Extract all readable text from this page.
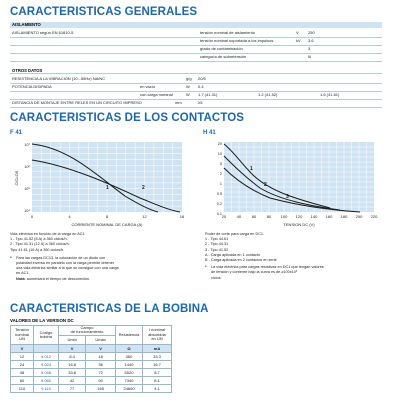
CARACTERISTICAS GENERALES
AISLAMIENTO
AISLAMIENTO según EN 61810-5	tensión nominal de aislamiento	V 250
tensión nominal soportada a los impulsos	kV 3.6
grado de contaminación	3
categoría de sobretensión	III
OTROS DATOS
RESISTENCIA A LA VIBRACION (10...55Hz) NA/NC	g/g 20/5
POTENCIA DISIPADA	en vacío	W 0.4
con carga nominal	W 1.7 (41.31)	1.2 (41.52)	1.6 (41.61)
DISTANCIA DE MONTAJE ENTRE RELES EN UN CIRCUITO IMPRESO	mm	≥5
CARACTERISTICAS DE LOS CONTACTOS
F 41	H 41
1	2
10⁷
10⁶
10⁵
10⁴
0	4	8	12	16
CICLOS
CORRIENTE NOMINAL DE CARGA (A)
1
2
3
20
10
5
2
1
0.5
0.2
0.1 20	40	60	80 100 120 140 160 180 200 220
TENSION DC (V)
Vida eléctrica en función de la carga en AC1.
1 - Tipo 41.52 (8 A) a 360 ciclos/h.
2 - Tipo 41.31 (12 A) a 360 ciclos/h.
Tipo 41.61 (16 A) a 360 ciclos/h.
• Para las cargas DC13, la colocación de un diodo con
polaridad inversa en paralelo con la carga permite obtener
una vida eléctrica similar a la que se consigue con una carga
en AC1.
Nota: aumentará el tiempo de desconexión.
Poder de corte para carga en DC1.
1 - Tipo 44.61
2 - Tipo 44.31
3 - Tipo 41.52
A - Carga aplicada en 1 contacto
B - Carga aplicada en 2 contactos en serie
• La vida eléctrica para cargas resistivas en DC1 que tengan valores
de tensión y corriente bajo la curva es de ≥100x10³
ciclos.
CARACTERISTICAS DE LA BOBINA
VALORES DE LA VERSION DC
Tensión
nominal
UN	Código
bobina	Campo
de funcionamiento		Resistencia	I nominal
absorbida
en UN
		Umin	Umax		
V		V	V	Ω	mA
12	9.012	8.4	18	360	33.3
24	9.024	16.8	36	1440	16.7
48	9.048	33.6	72	5520	8.7
60	9.060	42	90	7340	8.1
110	9.110	77	165	24600	4.1
